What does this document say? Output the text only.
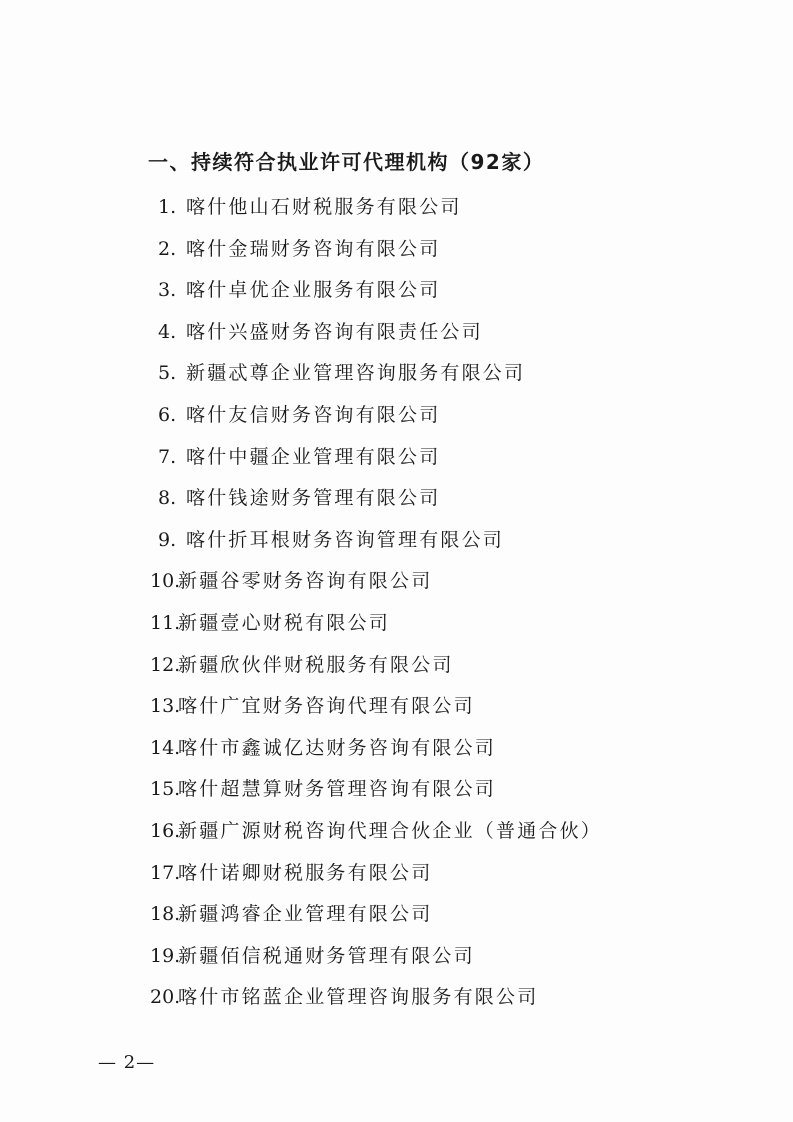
一、持续符合执业许可代理机构（92家）
1. 喀什他山石财税服务有限公司
2. 喀什金瑞财务咨询有限公司
3. 喀什卓优企业服务有限公司
4. 喀什兴盛财务咨询有限责任公司
5. 新疆忒尊企业管理咨询服务有限公司
6. 喀什友信财务咨询有限公司
7. 喀什中疆企业管理有限公司
8. 喀什钱途财务管理有限公司
9. 喀什折耳根财务咨询管理有限公司
10.新疆谷零财务咨询有限公司
11.新疆壹心财税有限公司
12.新疆欣伙伴财税服务有限公司
13.喀什广宜财务咨询代理有限公司
14.喀什市鑫诚亿达财务咨询有限公司
15.喀什超慧算财务管理咨询有限公司
16.新疆广源财税咨询代理合伙企业（普通合伙）
17.喀什诺卿财税服务有限公司
18.新疆鸿睿企业管理有限公司
19.新疆佰信税通财务管理有限公司
20.喀什市铭蓝企业管理咨询服务有限公司
— 2—
